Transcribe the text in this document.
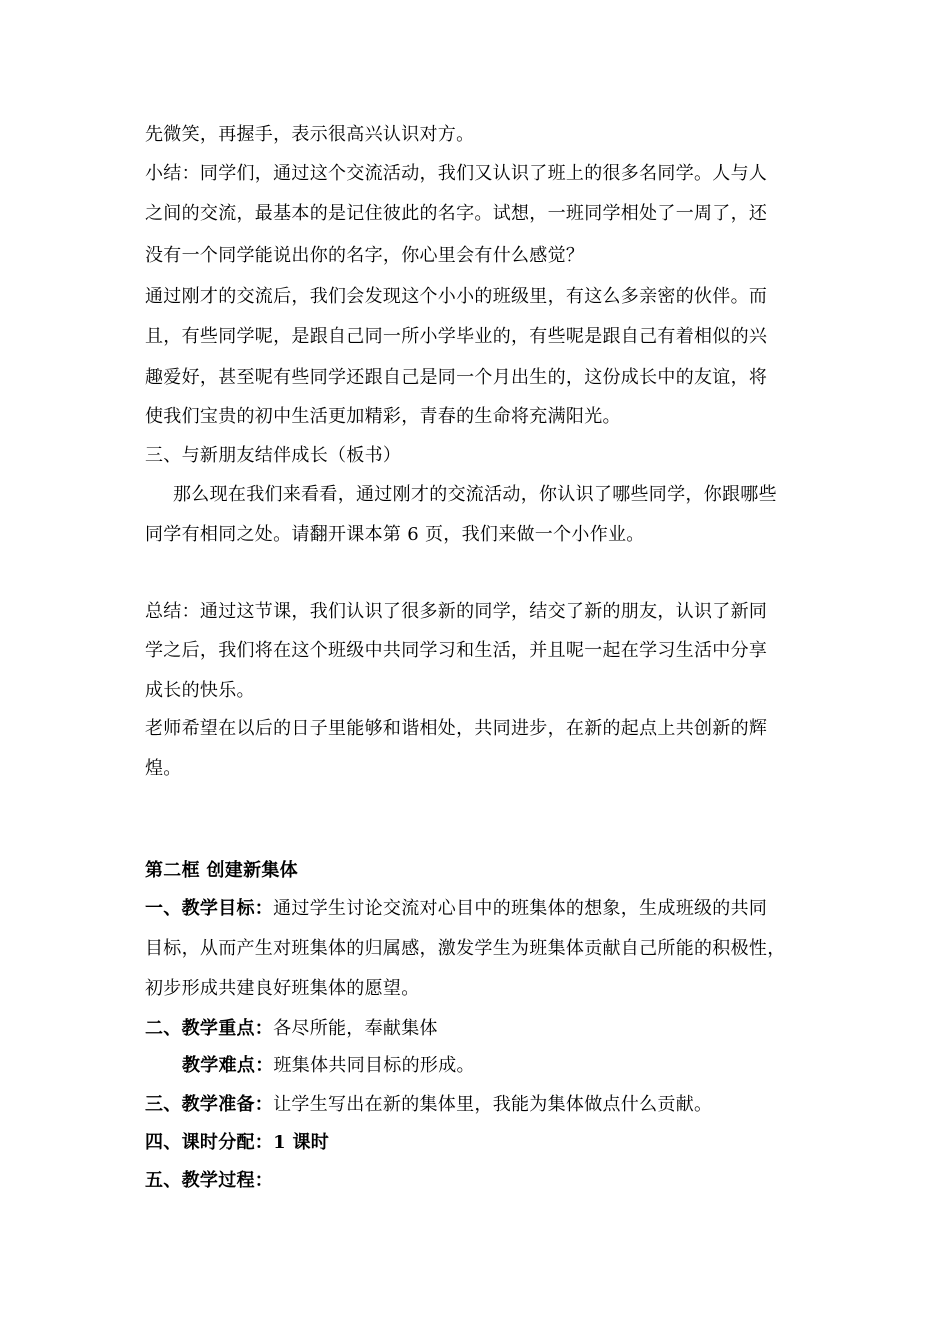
先微笑，再握手，表示很高兴认识对方。
小结：同学们，通过这个交流活动，我们又认识了班上的很多名同学。人与人
之间的交流，最基本的是记住彼此的名字。试想，一班同学相处了一周了，还
没有一个同学能说出你的名字，你心里会有什么感觉？
通过刚才的交流后，我们会发现这个小小的班级里，有这么多亲密的伙伴。而
且，有些同学呢，是跟自己同一所小学毕业的，有些呢是跟自己有着相似的兴
趣爱好，甚至呢有些同学还跟自己是同一个月出生的，这份成长中的友谊，将
使我们宝贵的初中生活更加精彩，青春的生命将充满阳光。
三、与新朋友结伴成长（板书）
那么现在我们来看看，通过刚才的交流活动，你认识了哪些同学，你跟哪些
同学有相同之处。请翻开课本第 6 页，我们来做一个小作业。
总结：通过这节课，我们认识了很多新的同学，结交了新的朋友，认识了新同
学之后，我们将在这个班级中共同学习和生活，并且呢一起在学习生活中分享
成长的快乐。
老师希望在以后的日子里能够和谐相处，共同进步，在新的起点上共创新的辉
煌。
第二框 创建新集体
一、教学目标：通过学生讨论交流对心目中的班集体的想象，生成班级的共同
目标，从而产生对班集体的归属感，激发学生为班集体贡献自己所能的积极性，
初步形成共建良好班集体的愿望。
二、教学重点：各尽所能，奉献集体
教学难点：班集体共同目标的形成。
三、教学准备：让学生写出在新的集体里，我能为集体做点什么贡献。
四、课时分配：1 课时
五、教学过程：
